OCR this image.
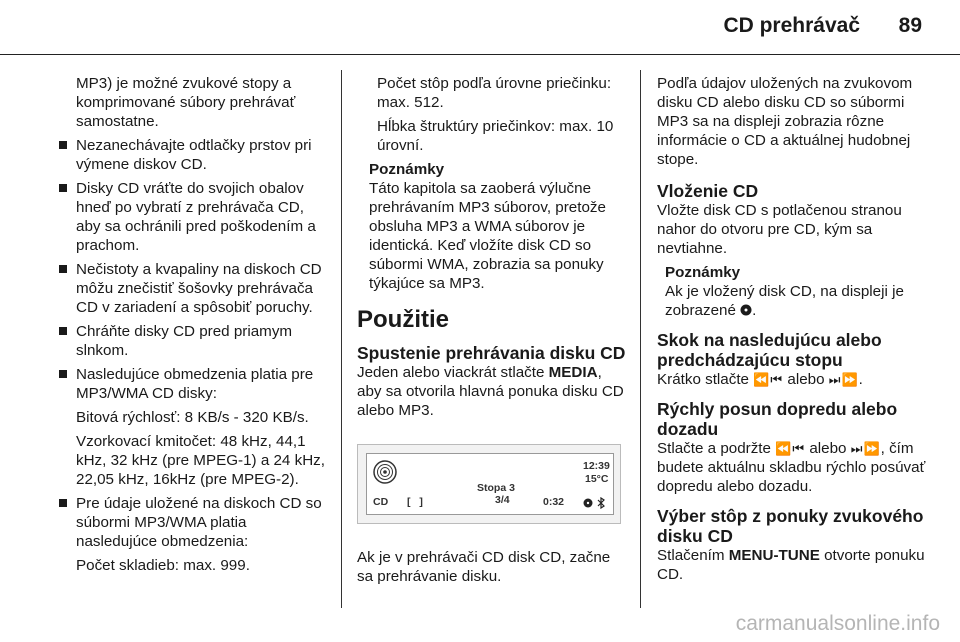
CD prehrávač 89
MP3) je možné zvukové stopy a komprimované súbory prehrávať samostatne.
Nezanechávajte odtlačky prstov pri výmene diskov CD.
Disky CD vráťte do svojich obalov hneď po vybratí z prehrávača CD, aby sa ochránili pred poškodením a prachom.
Nečistoty a kvapaliny na diskoch CD môžu znečistiť šošovky prehrávača CD v zariadení a spôsobiť poruchy.
Chráňte disky CD pred priamym slnkom.
Nasledujúce obmedzenia platia pre MP3/WMA CD disky:
Bitová rýchlosť: 8 KB/s - 320 KB/s.
Vzorkovací kmitočet: 48 kHz, 44,1 kHz, 32 kHz (pre MPEG-1) a 24 kHz, 22,05 kHz, 16kHz (pre MPEG-2).
Pre údaje uložené na diskoch CD so súbormi MP3/WMA platia nasledujúce obmedzenia:
Počet skladieb: max. 999.
Počet stôp podľa úrovne priečinku: max. 512.
Hĺbka štruktúry priečinkov: max. 10 úrovní.
Poznámky
Táto kapitola sa zaoberá výlučne prehrávaním MP3 súborov, pretože obsluha MP3 a WMA súborov je identická. Keď vložíte disk CD so súbormi WMA, zobrazia sa ponuky týkajúce sa MP3.
Použitie
Spustenie prehrávania disku CD
Jeden alebo viackrát stlačte MEDIA, aby sa otvorila hlavná ponuka disku CD alebo MP3.
CD [ ]
Stopa 3
3/4	0:32
12:39
15°C
Ak je v prehrávači CD disk CD, začne sa prehrávanie disku.
Podľa údajov uložených na zvukovom disku CD alebo disku CD so súbormi MP3 sa na displeji zobrazia rôzne informácie o CD a aktuálnej hudobnej stope.
Vloženie CD
Vložte disk CD s potlačenou stranou nahor do otvoru pre CD, kým sa nevtiahne.
Poznámky
Ak je vložený disk CD, na displeji je zobrazené .
Skok na nasledujúcu alebo predchádzajúcu stopu
Krátko stlačte ⏪⏮ alebo ⏭⏩.
Rýchly posun dopredu alebo dozadu
Stlačte a podržte ⏪⏮ alebo ⏭⏩, čím budete aktuálnu skladbu rýchlo posúvať dopredu alebo dozadu.
Výber stôp z ponuky zvukového disku CD
Stlačením MENU-TUNE otvorte ponuku CD.
carmanualsonline.info
